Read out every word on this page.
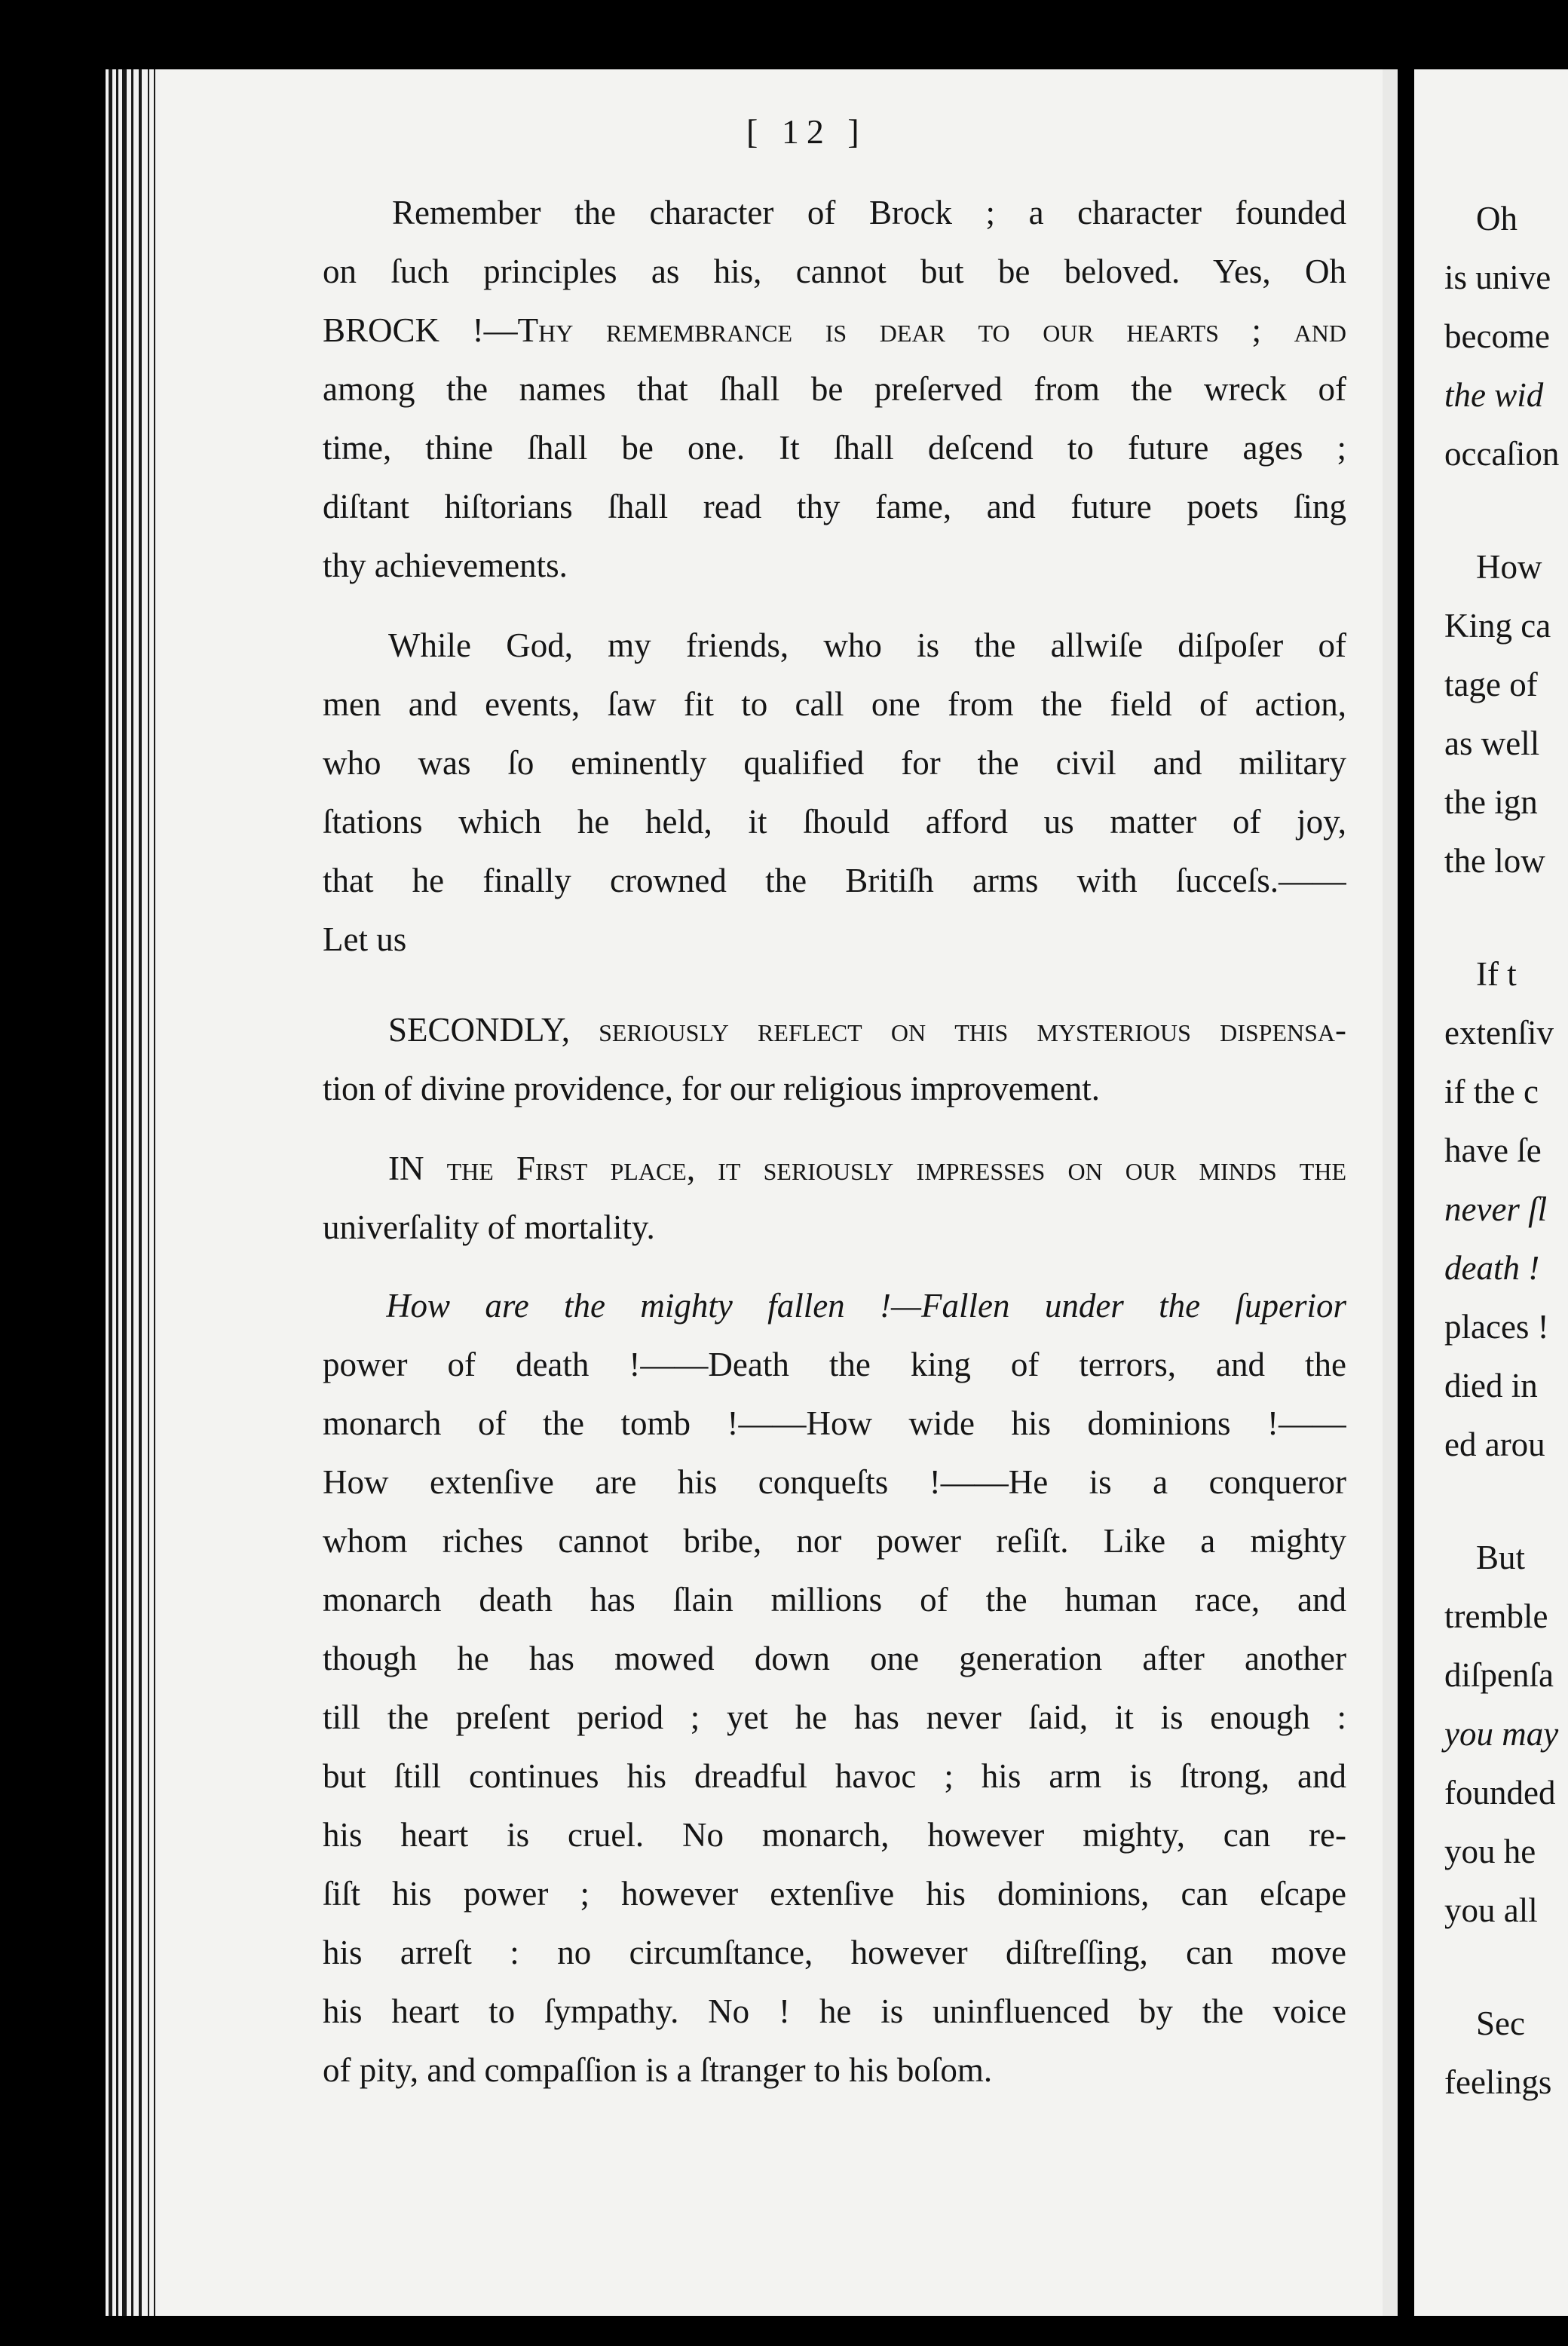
[ 12 ]
Remember the character of Brock ; a character founded
on ſuch principles as his, cannot but be beloved. Yes, Oh
BROCK !—Thy remembrance is dear to our hearts ; and
among the names that ſhall be preſerved from the wreck of
time, thine ſhall be one. It ſhall deſcend to future ages ;
diſtant hiſtorians ſhall read thy fame, and future poets ſing
thy achievements.
While God, my friends, who is the allwiſe diſpoſer of
men and events, ſaw fit to call one from the field of action,
who was ſo eminently qualified for the civil and military
ſtations which he held, it ſhould afford us matter of joy,
that he finally crowned the Britiſh arms with ſucceſs.——
Let us
SECONDLY, ſeriouſly reflect on this myſterious diſpenſa-
tion of divine providence, for our religious improvement.
IN the Firſt place, it ſeriouſly impreſſes on our minds the
univerſality of mortality.
How are the mighty fallen !—Fallen under the ſuperior
power of death !——Death the king of terrors, and the
monarch of the tomb !——How wide his dominions !——
How extenſive are his conqueſts !——He is a conqueror
whom riches cannot bribe, nor power reſiſt. Like a mighty
monarch death has ſlain millions of the human race, and
though he has mowed down one generation after another
till the preſent period ; yet he has never ſaid, it is enough :
but ſtill continues his dreadful havoc ; his arm is ſtrong, and
his heart is cruel. No monarch, however mighty, can re-
ſiſt his power ; however extenſive his dominions, can eſcape
his arreſt : no circumſtance, however diſtreſſing, can move
his heart to ſympathy. No ! he is uninfluenced by the voice
of pity, and compaſſion is a ſtranger to his boſom.
Oh
is unive
become
the wid
occaſion
How
King ca
tage of
as well
the ign
the low
If t
extenſiv
if the c
have ſe
never ſl
death !
places !
died in
ed arou
But
tremble
diſpenſa
you may
founded
you he
you all
Sec
feelings
